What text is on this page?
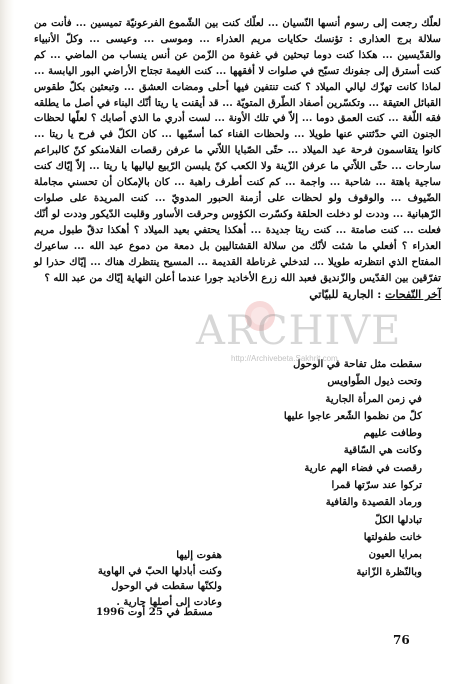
لعلّك رجعت إلى رسوم أنسها النّسيان ... لعلّك كنت بين الشّموع الفرعونيّة تميسين ... فأنت من سلالة برج العذارى : تؤنسك حكايات مريم العذراء ... وموسى ... وعيسى ... وكلّ الأنبياء والقدّيسين ... هكذا كنت دوما تبحثين في غفوة من الزّمن عن أنس ينساب من الماضي ... كم كنت أسترق إلى جفونك تسبّح في صلوات لا أفقهها ... كنت الغيمة تجتاح الأراضي البور اليابسة ... لماذا كانت تهزّك ليالي الميلاد ؟ كنت تنتفين فيها أحلى ومضات العشق ... وتبعثين بكلّ طقوس القبائل العتيقة ... وتكسّرين أصفاد الطّرق المتويّة ... قد أيقنت يا ريتا أنّك البناء في أصل ما يطلقه فقه اللّغة ... كنت العمق دوما ... إلاّ في تلك الأونة ... لست أدري ما الذي أصابك ؟ لعلّها لحظات الجنون التي حدّثتني عنها طويلا ... ولحظات الفناء كما أسمّيها ... كان الكلّ في فرح يا ريتا ... كانوا يتقاسمون فرحة عيد الميلاد ... حتّى الصّبايا اللاّتي ما عرفن رقصات الفلامنكو كنّ كالبراعم سارحات ... حتّى اللاّتي ما عرفن الزّينة ولا الكعب كنّ يلبسن الرّبيع لياليها يا ريتا ... إلاّ إيّاك كنت ساجية باهتة ... شاحبة ... واجمة ... كم كنت أطرف راهبة ... كان بالإمكان أن تحسني مجاملة الضّيوف ... والوقوف ولو لحظات على أزمنة الحبور المدويّ ... كنت المريدة على صلوات الرّهبانية ... وددت لو دخلت الحلقة وكسّرت الكؤوس وحرقت الأساور وقلبت الدّيكور وددت لو أنّك فعلت ... كنت صامتة ... كنت ريتا جديدة ... أهكذا يحتفي بعيد الميلاد ؟ أهكذا تدقّ طبول مريم العذراء ؟ أفعلي ما شئت لأنّك من سلالة القشتاليين بل دمعة من دموع عبد الله ... ساعيرك المفتاح الذي انتظرته طويلا ... لتدخلي غرناطة القديمة ... المسيح ينتظرك هناك ... إيّاك حذرا لو تفرّقين بين القدّيس والزّنديق فعبد الله زرع الأخاديد جورا عندما أعلن النهاية إيّاك من عبد الله ؟

آخر النّفحات : الجارية للبيّاتي

سقطت مثل تفاحة في الوحول
وتحت ذيول الطّواويس
في زمن المرأة الجارية
كلّ من نظموا الشّعر عاجوا عليها
وطافت عليهم
وكانت هي السّاقية
رقصت في فضاء الهم عارية
تركوا عند سرّتها قمرا
ورماد القصيدة والقافية
تبادلها الكلّ
خانت طفولتها
بمرايا العيون
وبالنّظرة الزّانية
هفوت إليها
وكنت أبادلها الحبّ في الهاوية
ولكنّها سقطت في الوحول
وعادت إلى أصلها جارية .
مسقط في 25 أوت 1996
76
ARCHIVE
http://Archivebeta.Sakhrit.com
